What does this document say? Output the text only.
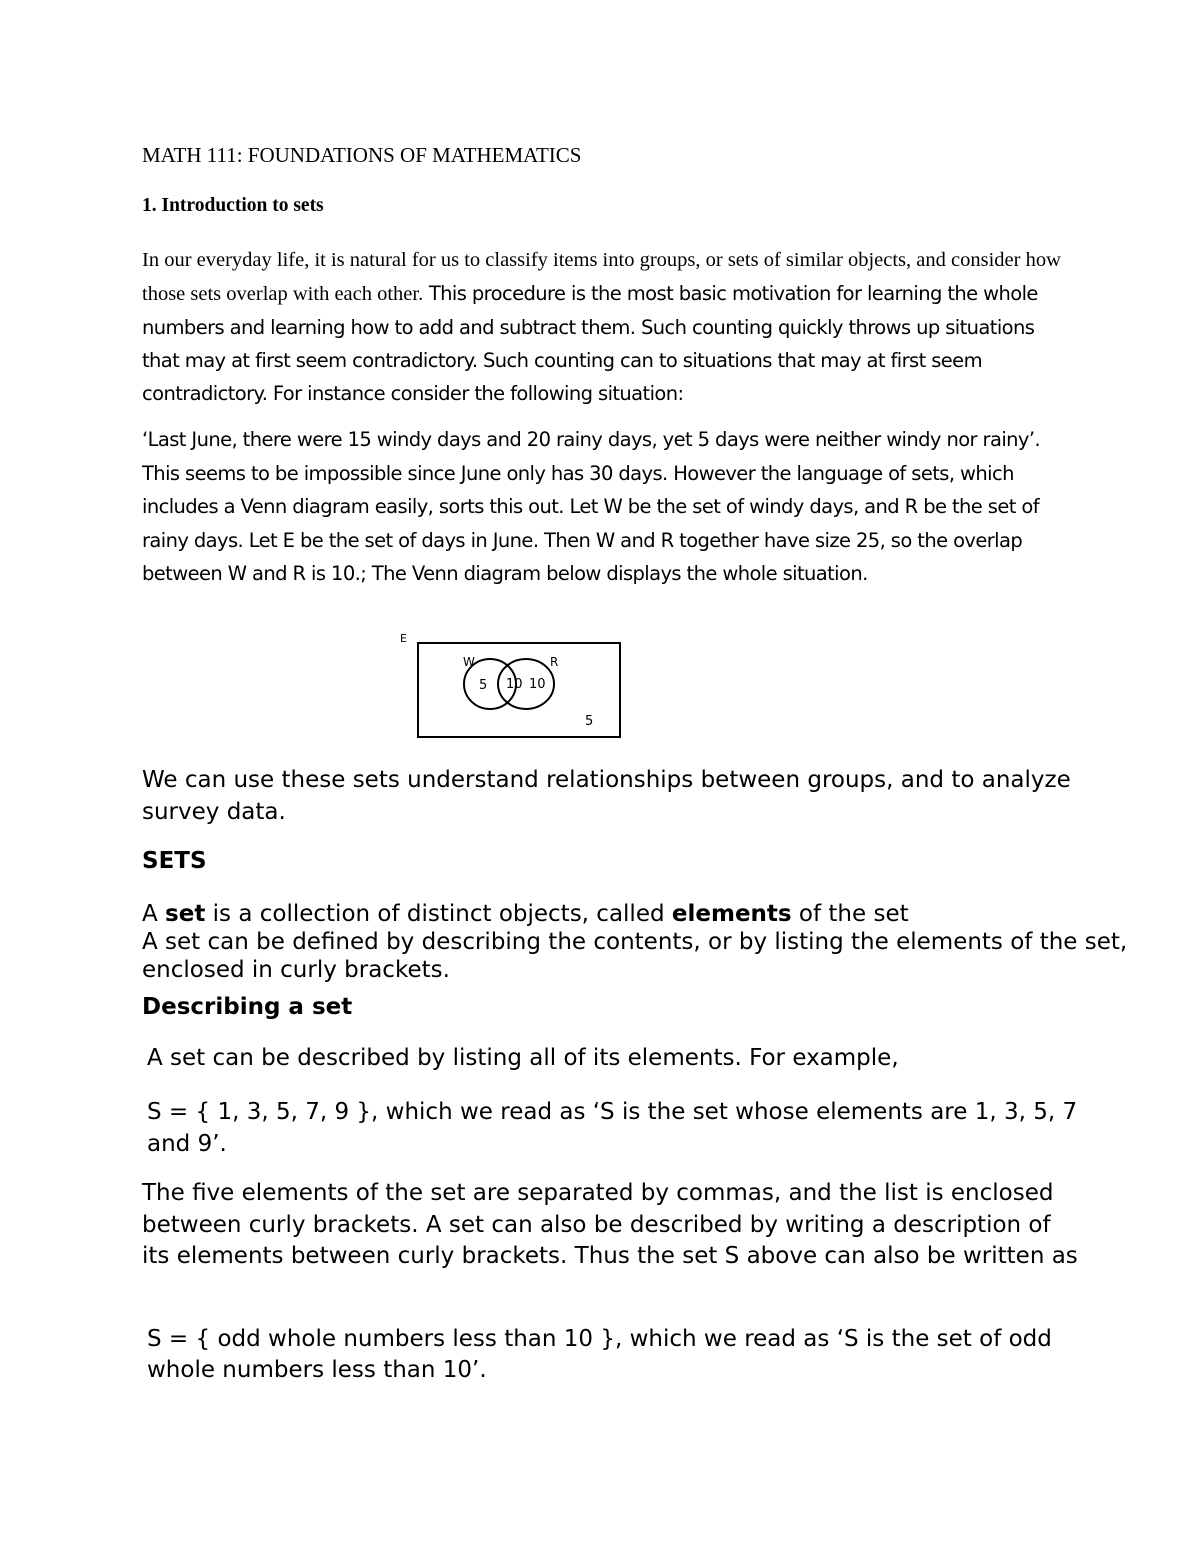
MATH 111: FOUNDATIONS OF MATHEMATICS
1. Introduction to sets

In our everyday life, it is natural for us to classify items into groups, or sets of similar objects, and consider how those sets overlap with each other. This procedure is the most basic motivation for learning the whole numbers and learning how to add and subtract them. Such counting quickly throws up situations that may at first seem contradictory. Such counting can to situations that may at first seem contradictory. For instance consider the following situation:

‘Last June, there were 15 windy days and 20 rainy days, yet 5 days were neither windy nor rainy’. This seems to be impossible since June only has 30 days. However the language of sets, which includes a Venn diagram easily, sorts this out. Let W be the set of windy days, and R be the set of rainy days. Let E be the set of days in June. Then W and R together have size 25, so the overlap between W and R is 10.; The Venn diagram below displays the whole situation.

E
W	R
5 10 10
5

We can use these sets understand relationships between groups, and to analyze survey data.

SETS
A set is a collection of distinct objects, called elements of the set
A set can be defined by describing the contents, or by listing the elements of the set, enclosed in curly brackets.
Describing a set

A set can be described by listing all of its elements. For example,

S = { 1, 3, 5, 7, 9 }, which we read as ‘S is the set whose elements are 1, 3, 5, 7 and 9’.

The five elements of the set are separated by commas, and the list is enclosed between curly brackets. A set can also be described by writing a description of its elements between curly brackets. Thus the set S above can also be written as

S = { odd whole numbers less than 10 }, which we read as ‘S is the set of odd whole numbers less than 10’.
